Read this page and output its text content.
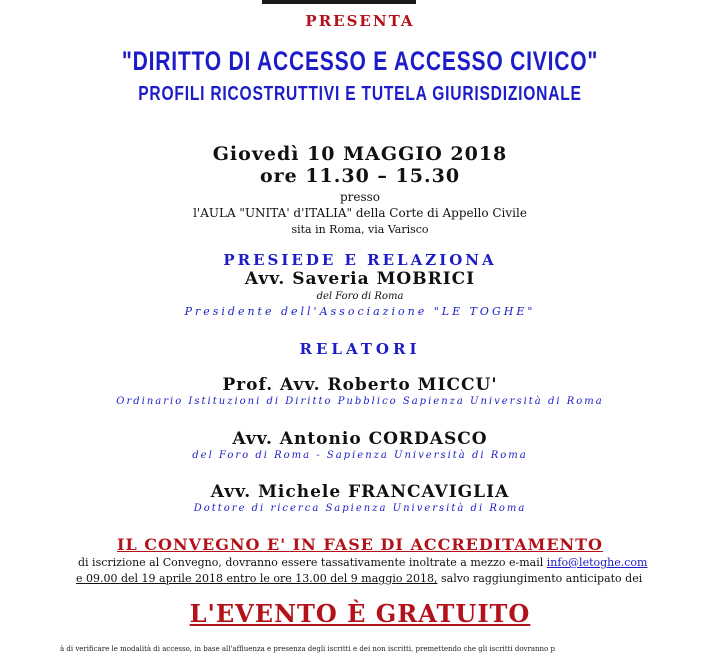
PRESENTA
"DIRITTO DI ACCESSO E ACCESSO CIVICO"
PROFILI RICOSTRUTTIVI E TUTELA GIURISDIZIONALE
Giovedì 10 MAGGIO 2018
ore 11.30 – 15.30
presso
l'AULA "UNITA' d'ITALIA" della Corte di Appello Civile
sita in Roma, via Varisco
PRESIEDE E RELAZIONA
Avv. Saveria MOBRICI
del Foro di Roma
Presidente dell'Associazione "LE TOGHE"
RELATORI
Prof. Avv. Roberto MICCU'
Ordinario Istituzioni di Diritto Pubblico Sapienza Università di Roma
Avv. Antonio CORDASCO
del Foro di Roma - Sapienza Università di Roma
Avv. Michele FRANCAVIGLIA
Dottore di ricerca Sapienza Università di Roma
IL CONVEGNO E' IN FASE DI ACCREDITAMENTO
di iscrizione al Convegno, dovranno essere tassativamente inoltrate a mezzo e-mail info@letoghe.com
e 09.00 del 19 aprile 2018 entro le ore 13.00 del 9 maggio 2018, salvo raggiungimento anticipato dei
L'EVENTO È GRATUITO
à di verificare le modalità di accesso, in base all'affluenza e presenza degli iscritti e dei non iscritti, premettendo che gli iscritti dovranno p
